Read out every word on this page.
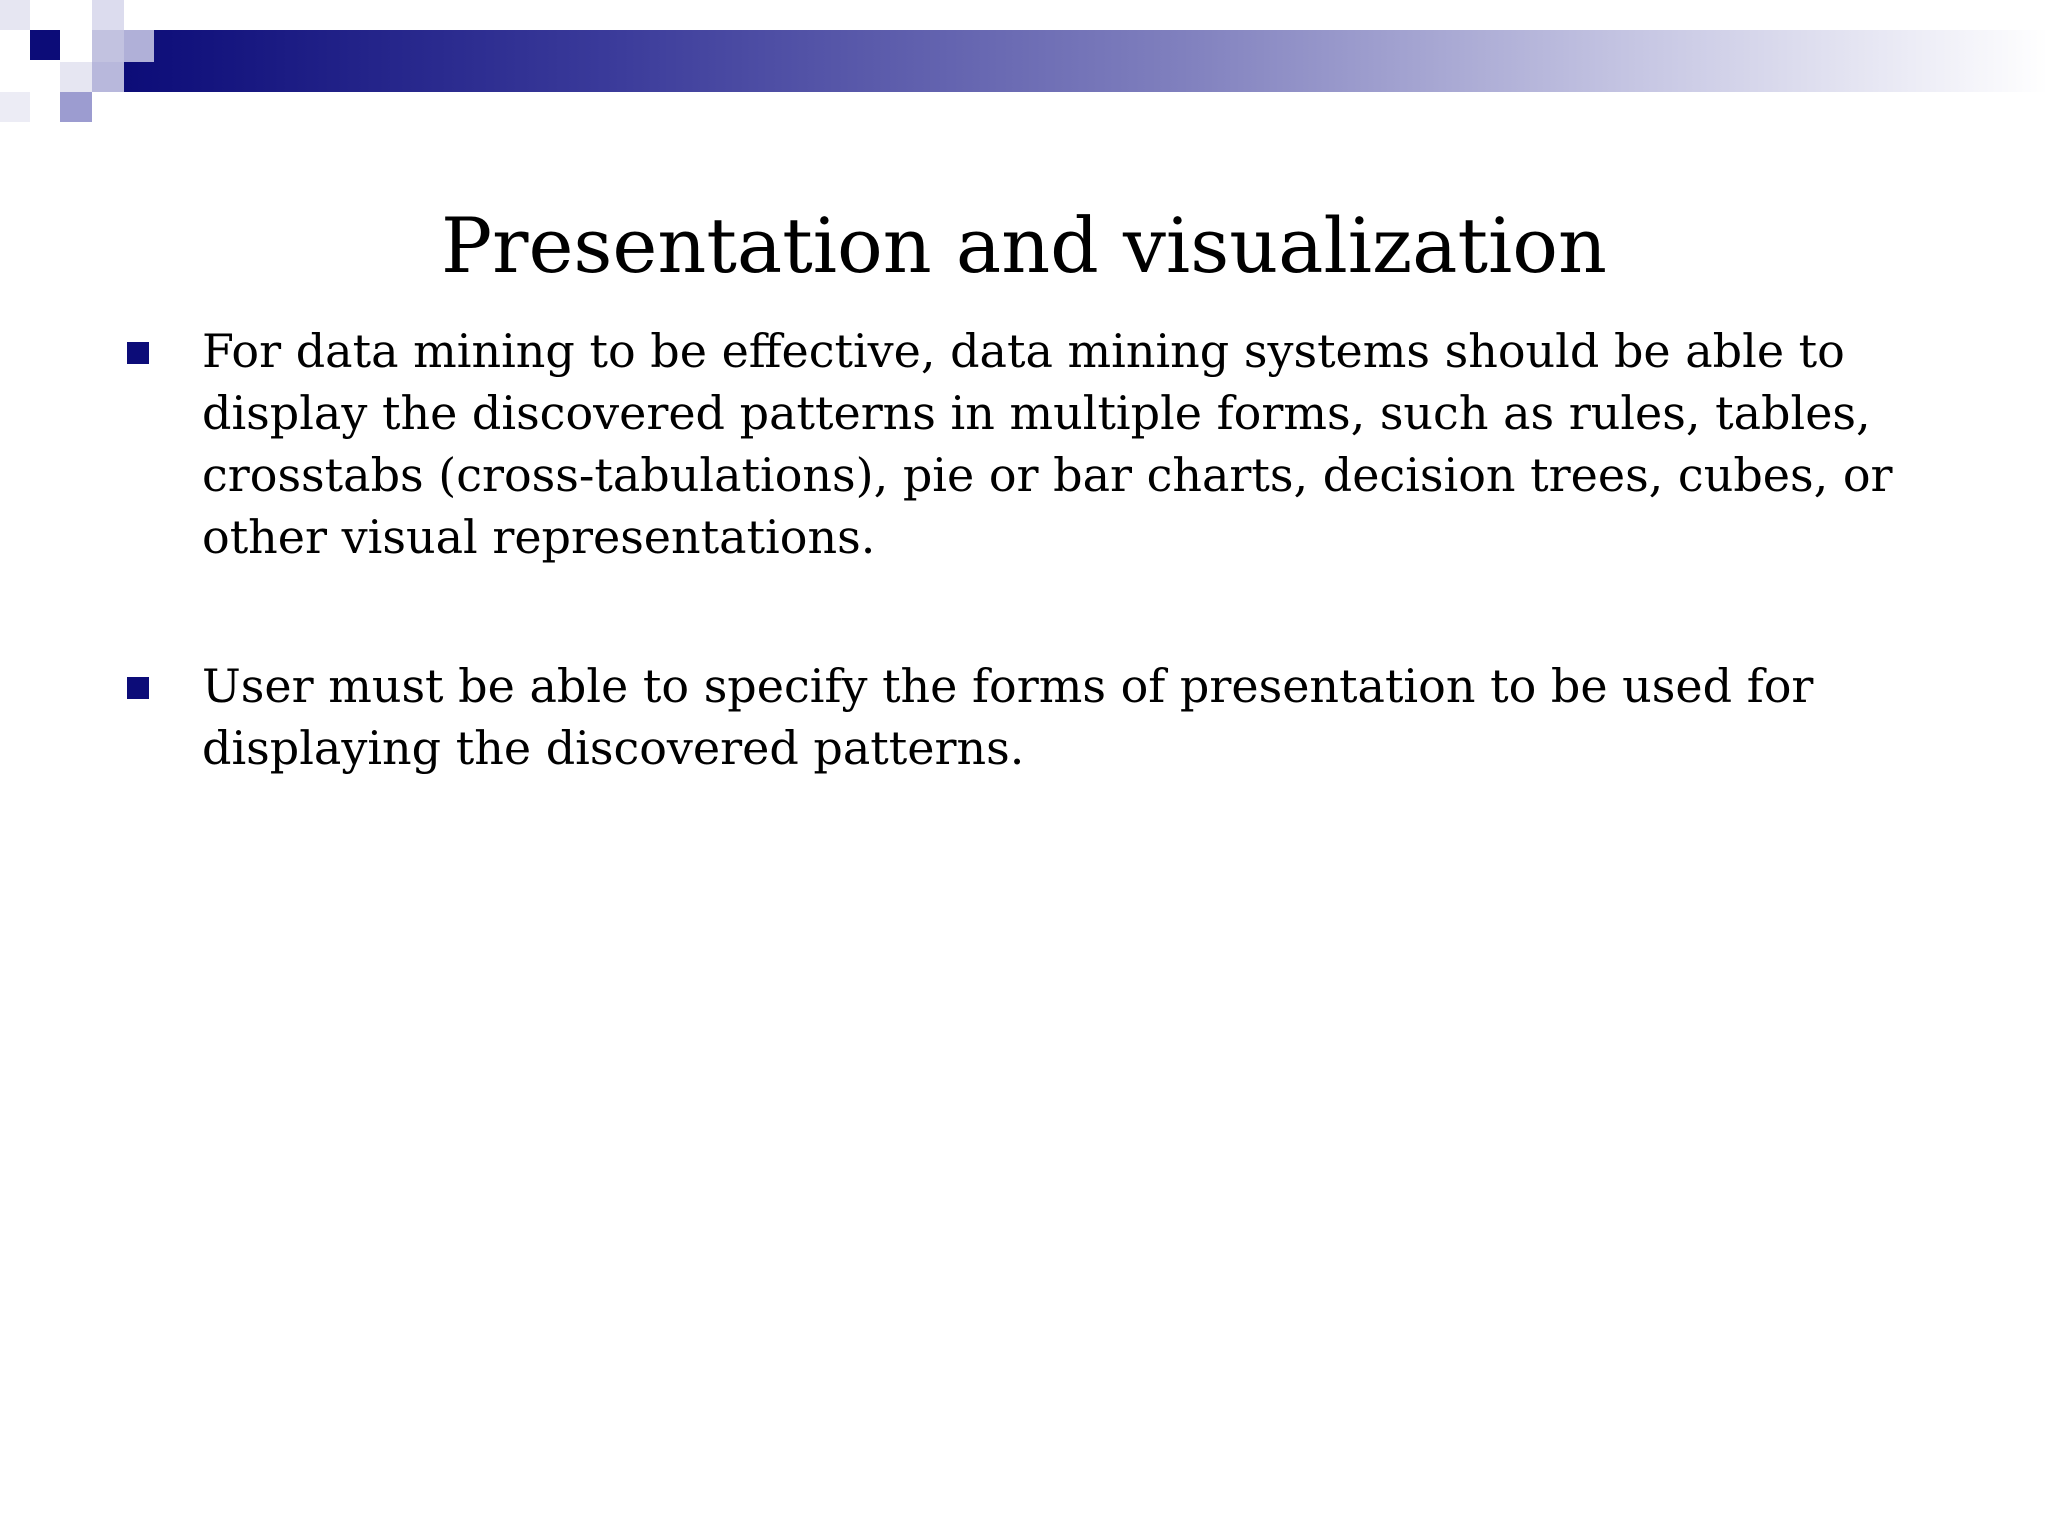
Presentation and visualization
For data mining to be effective, data mining systems should be able to display the discovered patterns in multiple forms, such as rules, tables, crosstabs (cross-tabulations), pie or bar charts, decision trees, cubes, or other visual representations.
User must be able to specify the forms of presentation to be used for displaying the discovered patterns.
